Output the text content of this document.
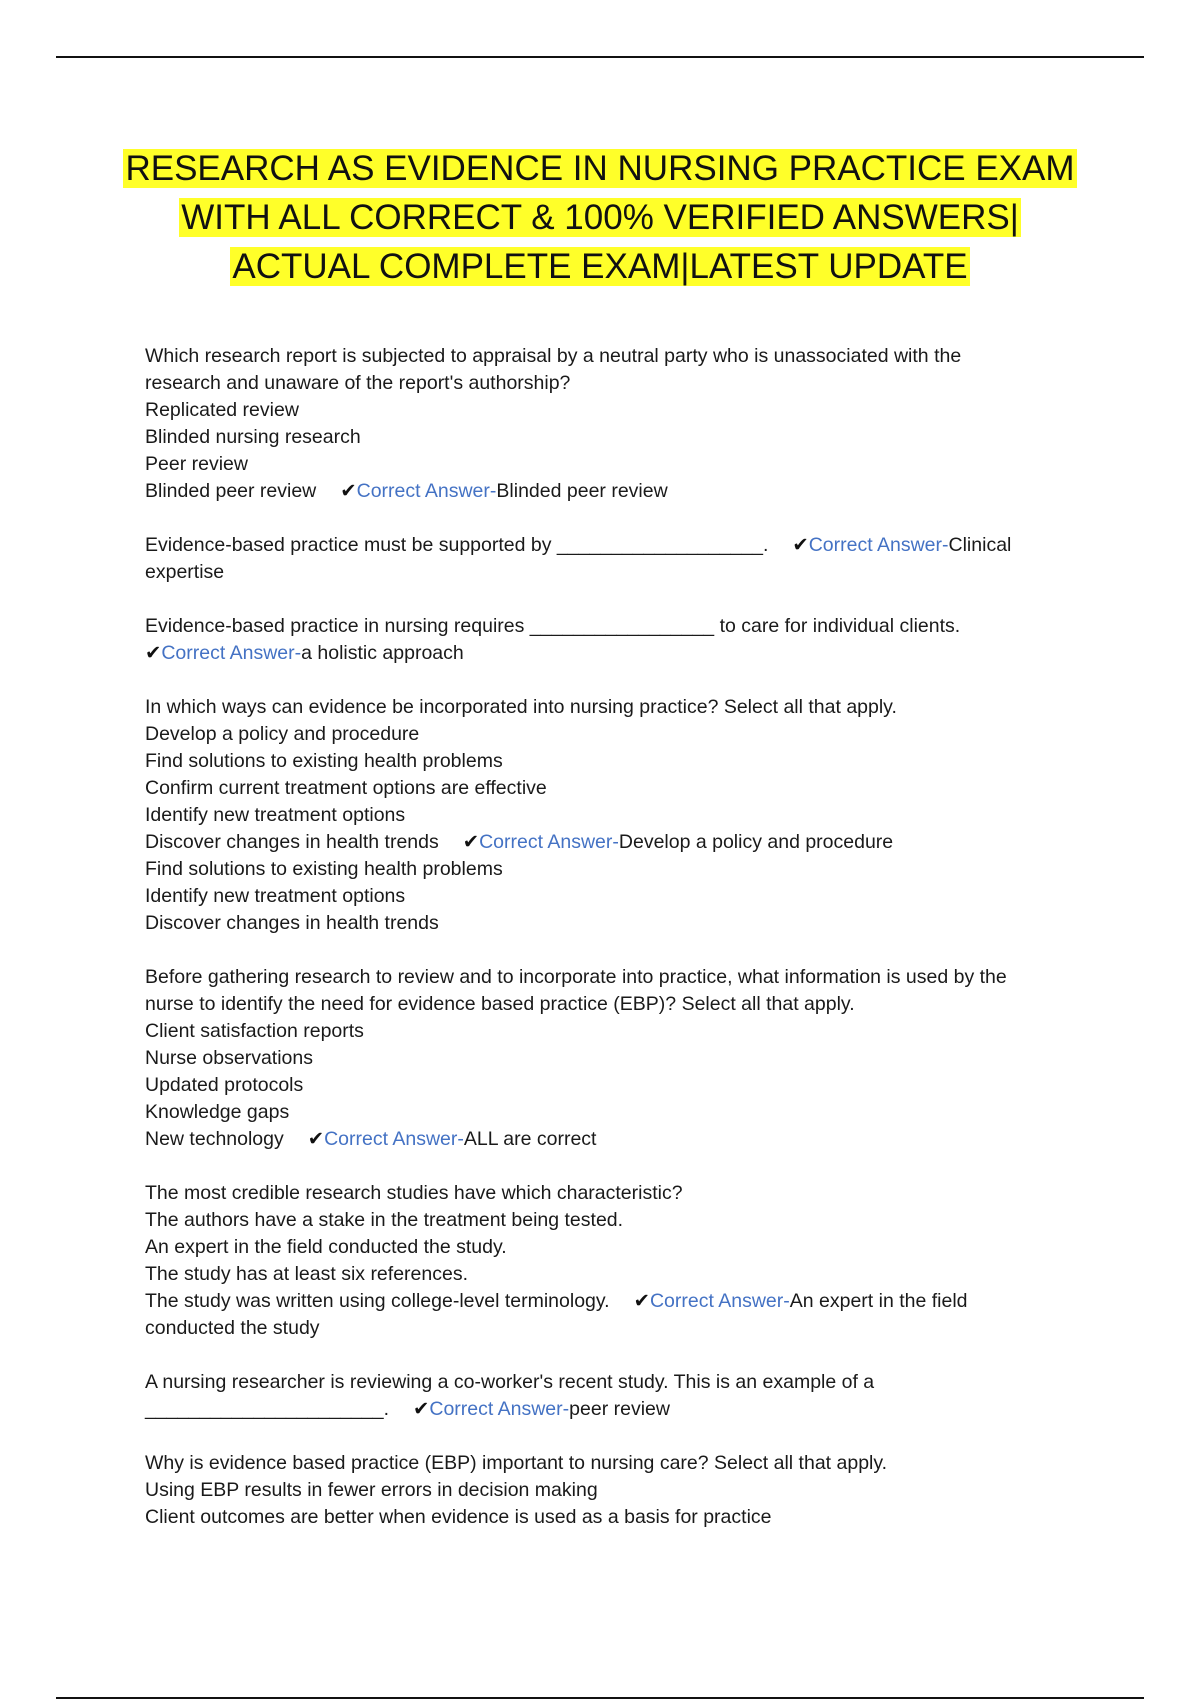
RESEARCH AS EVIDENCE IN NURSING PRACTICE EXAM
WITH ALL CORRECT & 100% VERIFIED ANSWERS|
ACTUAL COMPLETE EXAM|LATEST UPDATE
Which research report is subjected to appraisal by a neutral party who is unassociated with the
research and unaware of the report's authorship?
Replicated review
Blinded nursing research
Peer review
Blinded peer review ✔Correct Answer-Blinded peer review
Evidence-based practice must be supported by ___________________. ✔Correct Answer-Clinical
expertise
Evidence-based practice in nursing requires _________________ to care for individual clients.
✔Correct Answer-a holistic approach
In which ways can evidence be incorporated into nursing practice? Select all that apply.
Develop a policy and procedure
Find solutions to existing health problems
Confirm current treatment options are effective
Identify new treatment options
Discover changes in health trends ✔Correct Answer-Develop a policy and procedure
Find solutions to existing health problems
Identify new treatment options
Discover changes in health trends
Before gathering research to review and to incorporate into practice, what information is used by the
nurse to identify the need for evidence based practice (EBP)? Select all that apply.
Client satisfaction reports
Nurse observations
Updated protocols
Knowledge gaps
New technology ✔Correct Answer-ALL are correct
The most credible research studies have which characteristic?
The authors have a stake in the treatment being tested.
An expert in the field conducted the study.
The study has at least six references.
The study was written using college-level terminology. ✔Correct Answer-An expert in the field
conducted the study
A nursing researcher is reviewing a co-worker's recent study. This is an example of a
______________________. ✔Correct Answer-peer review
Why is evidence based practice (EBP) important to nursing care? Select all that apply.
Using EBP results in fewer errors in decision making
Client outcomes are better when evidence is used as a basis for practice
